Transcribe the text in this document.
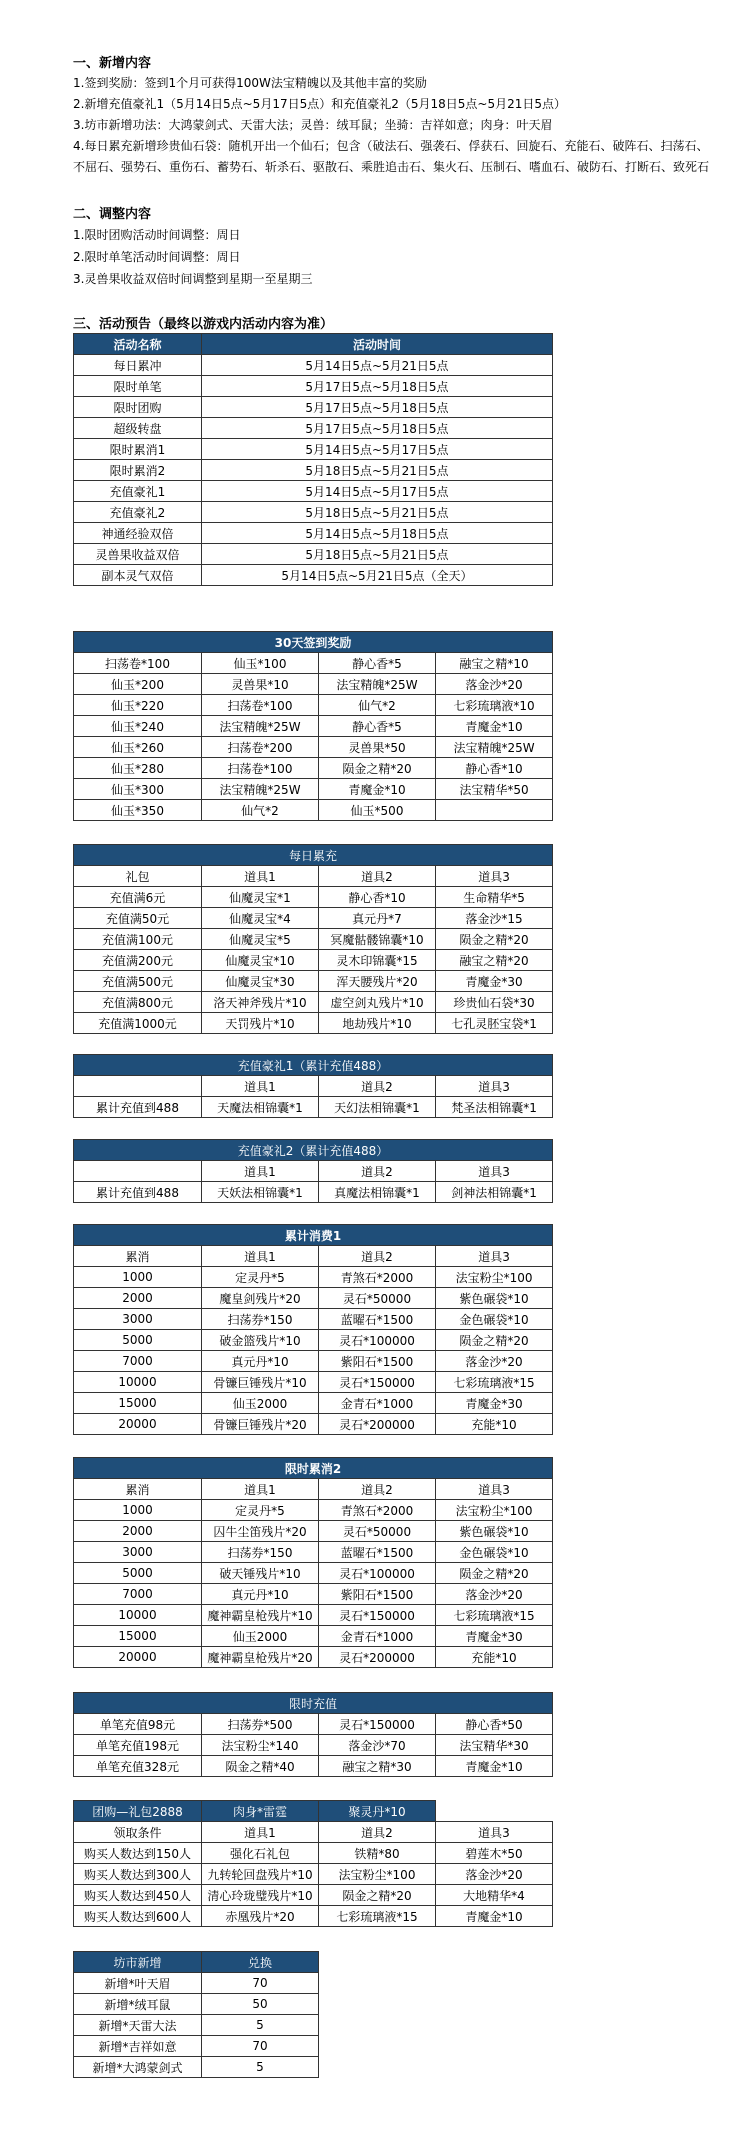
一、新增内容
1.签到奖励：签到1个月可获得100W法宝精魄以及其他丰富的奖励
2.新增充值豪礼1（5月14日5点~5月17日5点）和充值豪礼2（5月18日5点~5月21日5点）
3.坊市新增功法：大鸿蒙剑式、天雷大法；灵兽：绒耳鼠；坐骑：吉祥如意；肉身：叶天眉
4.每日累充新增珍贵仙石袋：随机开出一个仙石；包含（破法石、强袭石、俘获石、回旋石、充能石、破阵石、扫荡石、
不屈石、强势石、重伤石、蓄势石、斩杀石、驱散石、乘胜追击石、集火石、压制石、嗜血石、破防石、打断石、致死石
二、调整内容
1.限时团购活动时间调整：周日
2.限时单笔活动时间调整：周日
3.灵兽果收益双倍时间调整到星期一至星期三
三、活动预告（最终以游戏内活动内容为准）
活动名称	活动时间
每日累冲	5月14日5点~5月21日5点
限时单笔	5月17日5点~5月18日5点
限时团购	5月17日5点~5月18日5点
超级转盘	5月17日5点~5月18日5点
限时累消1	5月14日5点~5月17日5点
限时累消2	5月18日5点~5月21日5点
充值豪礼1	5月14日5点~5月17日5点
充值豪礼2	5月18日5点~5月21日5点
神通经验双倍	5月14日5点~5月18日5点
灵兽果收益双倍	5月18日5点~5月21日5点
副本灵气双倍	5月14日5点~5月21日5点（全天）
30天签到奖励			
扫荡卷*100	仙玉*100	静心香*5	融宝之精*10
仙玉*200	灵兽果*10	法宝精魄*25W	落金沙*20
仙玉*220	扫荡卷*100	仙气*2	七彩琉璃液*10
仙玉*240	法宝精魄*25W	静心香*5	青魔金*10
仙玉*260	扫荡卷*200	灵兽果*50	法宝精魄*25W
仙玉*280	扫荡卷*100	陨金之精*20	静心香*10
仙玉*300	法宝精魄*25W	青魔金*10	法宝精华*50
仙玉*350	仙气*2	仙玉*500	
每日累充			
礼包	道具1	道具2	道具3
充值满6元	仙魔灵宝*1	静心香*10	生命精华*5
充值满50元	仙魔灵宝*4	真元丹*7	落金沙*15
充值满100元	仙魔灵宝*5	冥魔骷髅锦囊*10	陨金之精*20
充值满200元	仙魔灵宝*10	灵木印锦囊*15	融宝之精*20
充值满500元	仙魔灵宝*30	浑天腰残片*20	青魔金*30
充值满800元	洛天神斧残片*10	虚空剑丸残片*10	珍贵仙石袋*30
充值满1000元	天罚残片*10	地劫残片*10	七孔灵胚宝袋*1
充值豪礼1（累计充值488）			
	道具1	道具2	道具3
累计充值到488	天魔法相锦囊*1	天幻法相锦囊*1	梵圣法相锦囊*1
充值豪礼2（累计充值488）			
	道具1	道具2	道具3
累计充值到488	天妖法相锦囊*1	真魔法相锦囊*1	剑神法相锦囊*1
累计消费1			
累消	道具1	道具2	道具3
1000	定灵丹*5	青煞石*2000	法宝粉尘*100
2000	魔皇剑残片*20	灵石*50000	紫色碾袋*10
3000	扫荡券*150	蓝曜石*1500	金色碾袋*10
5000	破金篮残片*10	灵石*100000	陨金之精*20
7000	真元丹*10	紫阳石*1500	落金沙*20
10000	骨镰巨锤残片*10	灵石*150000	七彩琉璃液*15
15000	仙玉2000	金青石*1000	青魔金*30
20000	骨镰巨锤残片*20	灵石*200000	充能*10
限时累消2			
累消	道具1	道具2	道具3
1000	定灵丹*5	青煞石*2000	法宝粉尘*100
2000	囚牛尘笛残片*20	灵石*50000	紫色碾袋*10
3000	扫荡券*150	蓝曜石*1500	金色碾袋*10
5000	破天锤残片*10	灵石*100000	陨金之精*20
7000	真元丹*10	紫阳石*1500	落金沙*20
10000	魔神霸皇枪残片*10	灵石*150000	七彩琉璃液*15
15000	仙玉2000	金青石*1000	青魔金*30
20000	魔神霸皇枪残片*20	灵石*200000	充能*10
限时充值			
单笔充值98元	扫荡券*500	灵石*150000	静心香*50
单笔充值198元	法宝粉尘*140	落金沙*70	法宝精华*30
单笔充值328元	陨金之精*40	融宝之精*30	青魔金*10
团购—礼包2888	肉身*雷霆	聚灵丹*10	
领取条件	道具1	道具2	道具3
购买人数达到150人	强化石礼包	铁精*80	碧莲木*50
购买人数达到300人	九转轮回盘残片*10	法宝粉尘*100	落金沙*20
购买人数达到450人	清心玲珑璧残片*10	陨金之精*20	大地精华*4
购买人数达到600人	赤凰残片*20	七彩琉璃液*15	青魔金*10
坊市新增	兑换
新增*叶天眉	70
新增*绒耳鼠	50
新增*天雷大法	5
新增*吉祥如意	70
新增*大鸿蒙剑式	5
